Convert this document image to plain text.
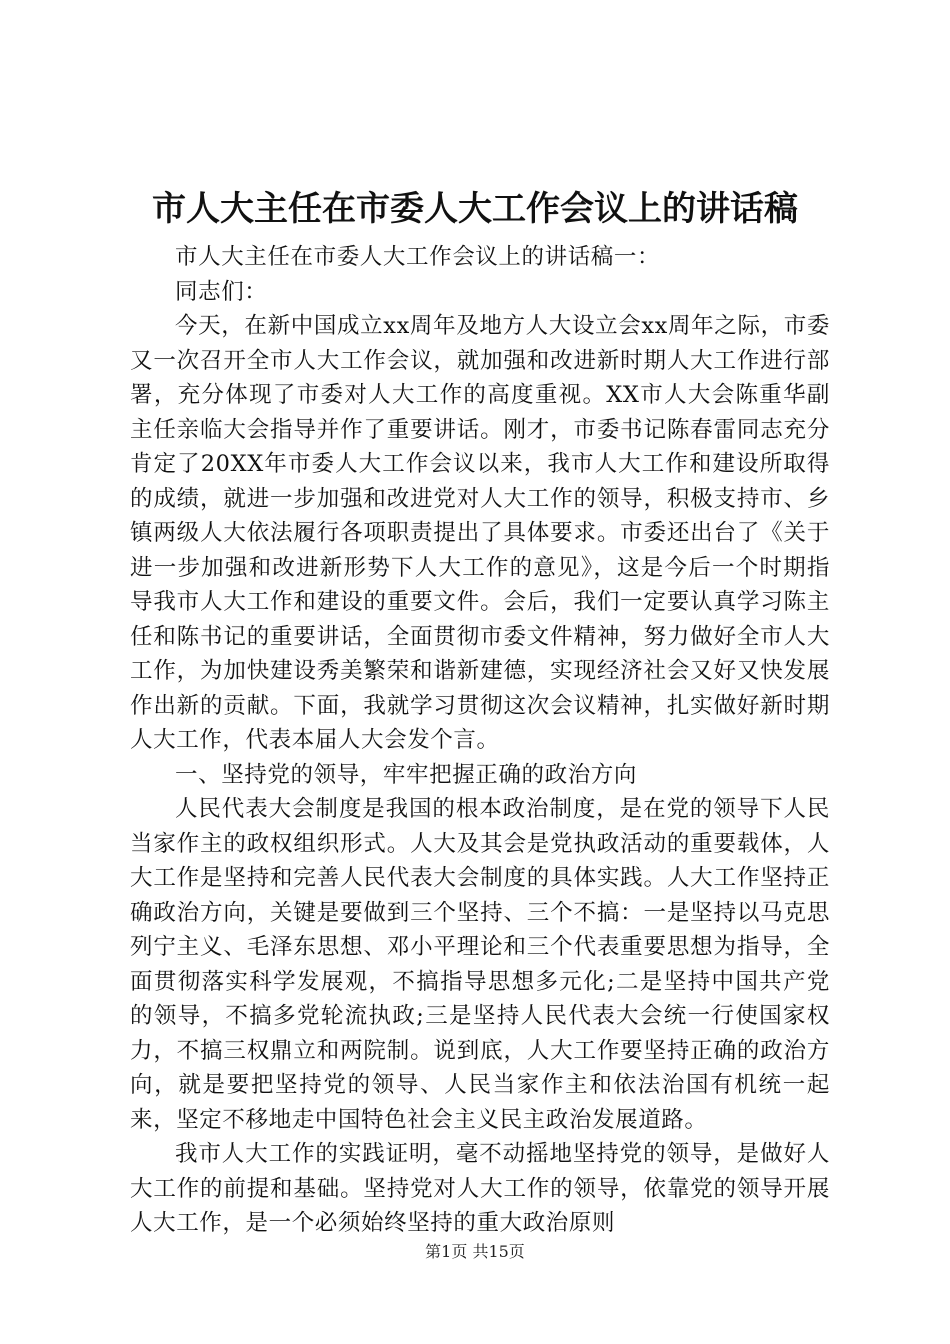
市人大主任在市委人大工作会议上的讲话稿

市人大主任在市委人大工作会议上的讲话稿一：

同志们：

今天，在新中国成立xx周年及地方人大设立会xx周年之际，市委又一次召开全市人大工作会议，就加强和改进新时期人大工作进行部署，充分体现了市委对人大工作的高度重视。XX市人大会陈重华副主任亲临大会指导并作了重要讲话。刚才，市委书记陈春雷同志充分肯定了20XX年市委人大工作会议以来，我市人大工作和建设所取得的成绩，就进一步加强和改进党对人大工作的领导，积极支持市、乡镇两级人大依法履行各项职责提出了具体要求。市委还出台了《关于进一步加强和改进新形势下人大工作的意见》，这是今后一个时期指导我市人大工作和建设的重要文件。会后，我们一定要认真学习陈主任和陈书记的重要讲话，全面贯彻市委文件精神，努力做好全市人大工作，为加快建设秀美繁荣和谐新建德，实现经济社会又好又快发展作出新的贡献。下面，我就学习贯彻这次会议精神，扎实做好新时期人大工作，代表本届人大会发个言。

一、坚持党的领导，牢牢把握正确的政治方向

人民代表大会制度是我国的根本政治制度，是在党的领导下人民当家作主的政权组织形式。人大及其会是党执政活动的重要载体，人大工作是坚持和完善人民代表大会制度的具体实践。人大工作坚持正确政治方向，关键是要做到三个坚持、三个不搞：一是坚持以马克思列宁主义、毛泽东思想、邓小平理论和三个代表重要思想为指导，全面贯彻落实科学发展观，不搞指导思想多元化;二是坚持中国共产党的领导，不搞多党轮流执政;三是坚持人民代表大会统一行使国家权力，不搞三权鼎立和两院制。说到底，人大工作要坚持正确的政治方向，就是要把坚持党的领导、人民当家作主和依法治国有机统一起来，坚定不移地走中国特色社会主义民主政治发展道路。

我市人大工作的实践证明，毫不动摇地坚持党的领导，是做好人大工作的前提和基础。坚持党对人大工作的领导，依靠党的领导开展人大工作，是一个必须始终坚持的重大政治原则

第1页 共15页
